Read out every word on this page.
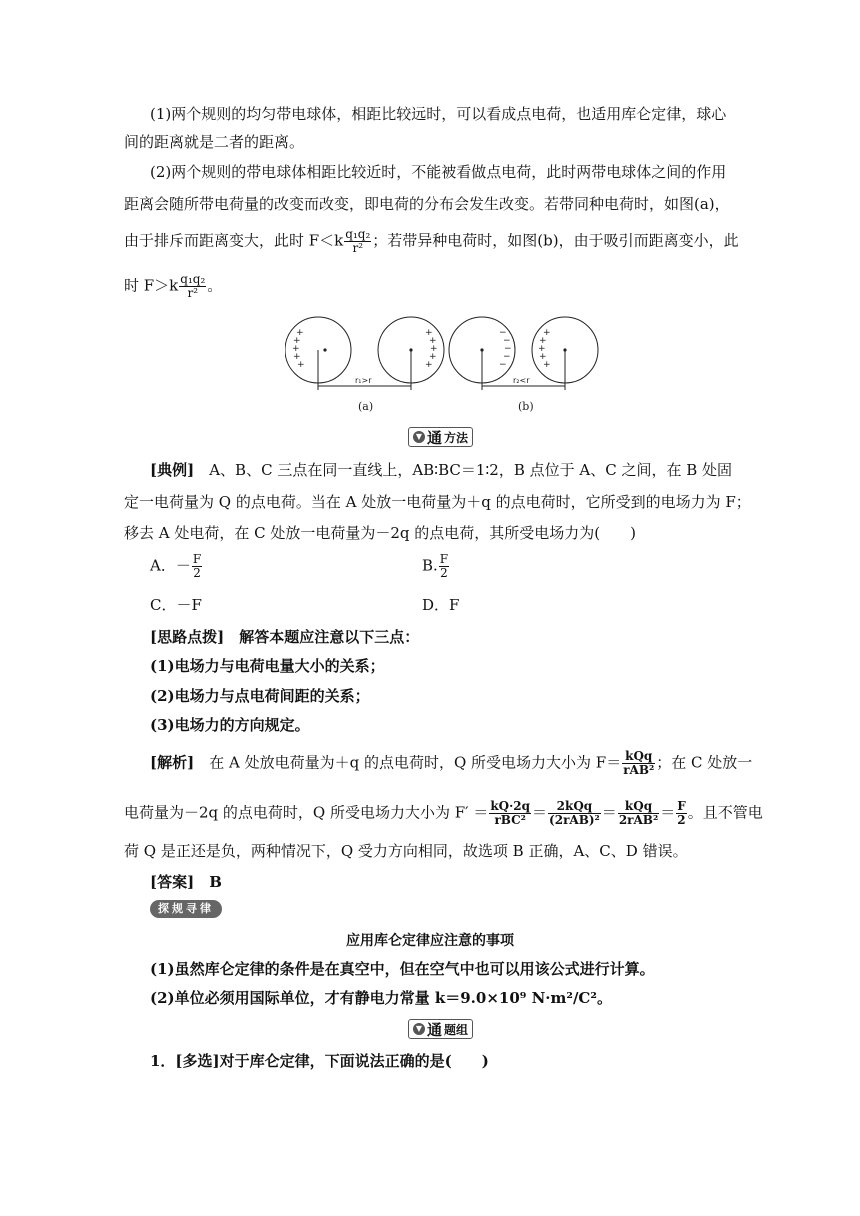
(1)两个规则的均匀带电球体，相距比较远时，可以看成点电荷，也适用库仑定律，球心
间的距离就是二者的距离。
(2)两个规则的带电球体相距比较近时，不能被看做点电荷，此时两带电球体之间的作用
距离会随所带电荷量的改变而改变，即电荷的分布会发生改变。若带同种电荷时，如图(a)，
由于排斥而距离变大，此时 $F<k \frac{\text{q₁q₂}}{\text{r²}}$ ；若带异种电荷时，如图(b)，由于吸引而距离变小，此
时 $F>k \frac{\text{q₁q₂}}{\text{r²}}$ 。
+
+
+
+
+
+
+
+
+
+
−
−
−
−
−
+
+
+
+
+
r₁>r	r₂<r
(a)	(b)
▼ 通 方法
[典例]　 A、B、C 三点在同一直线上，AB∶BC＝1∶2，B 点位于 A、C 之间，在 B 处固
定一电荷量为 Q 的点电荷。当在 A 处放一电荷量为＋q 的点电荷时，它所受到的电场力为 F；
移去 A 处电荷，在 C 处放一电荷量为－2q 的点电荷，其所受电场力为(　　)
A．－ $\frac{F}{2}$	B. $\frac{F}{2}$
C．－F	D．F
[思路点拨]　 解答本题应注意以下三点：
(1)电场力与电荷电量大小的关系；
(2)电场力与点电荷间距的关系；
(3)电场力的方向规定。
[解析]　 在 A 处放电荷量为＋q 的点电荷时，Q 所受电场力大小为 $F= \frac{\text{kQq}}{\text{rAB²}}$ ；在 C 处放一
电荷量为－2q 的点电荷时，Q 所受电场力大小为 $F' = \frac{kQ\cdot 2q}{\text{rBC²}} = \frac{\text{2kQq}}{\text{(2rAB)²}} = \frac{\text{kQq}}{\text{2rAB²}} = \frac{F}{2}$ 。且不管电
荷 Q 是正还是负，两种情况下，Q 受力方向相同，故选项 B 正确，A、C、D 错误。
[答案]　 B
探规寻律
应用库仑定律应注意的事项
(1)虽然库仑定律的条件是在真空中，但在空气中也可以用该公式进行计算。
(2)单位必须用国际单位，才有静电力常量 k＝9.0×10⁹ N·m²/C²。
▼ 通 题组
1．[多选]对于库仑定律，下面说法正确的是(　　)
